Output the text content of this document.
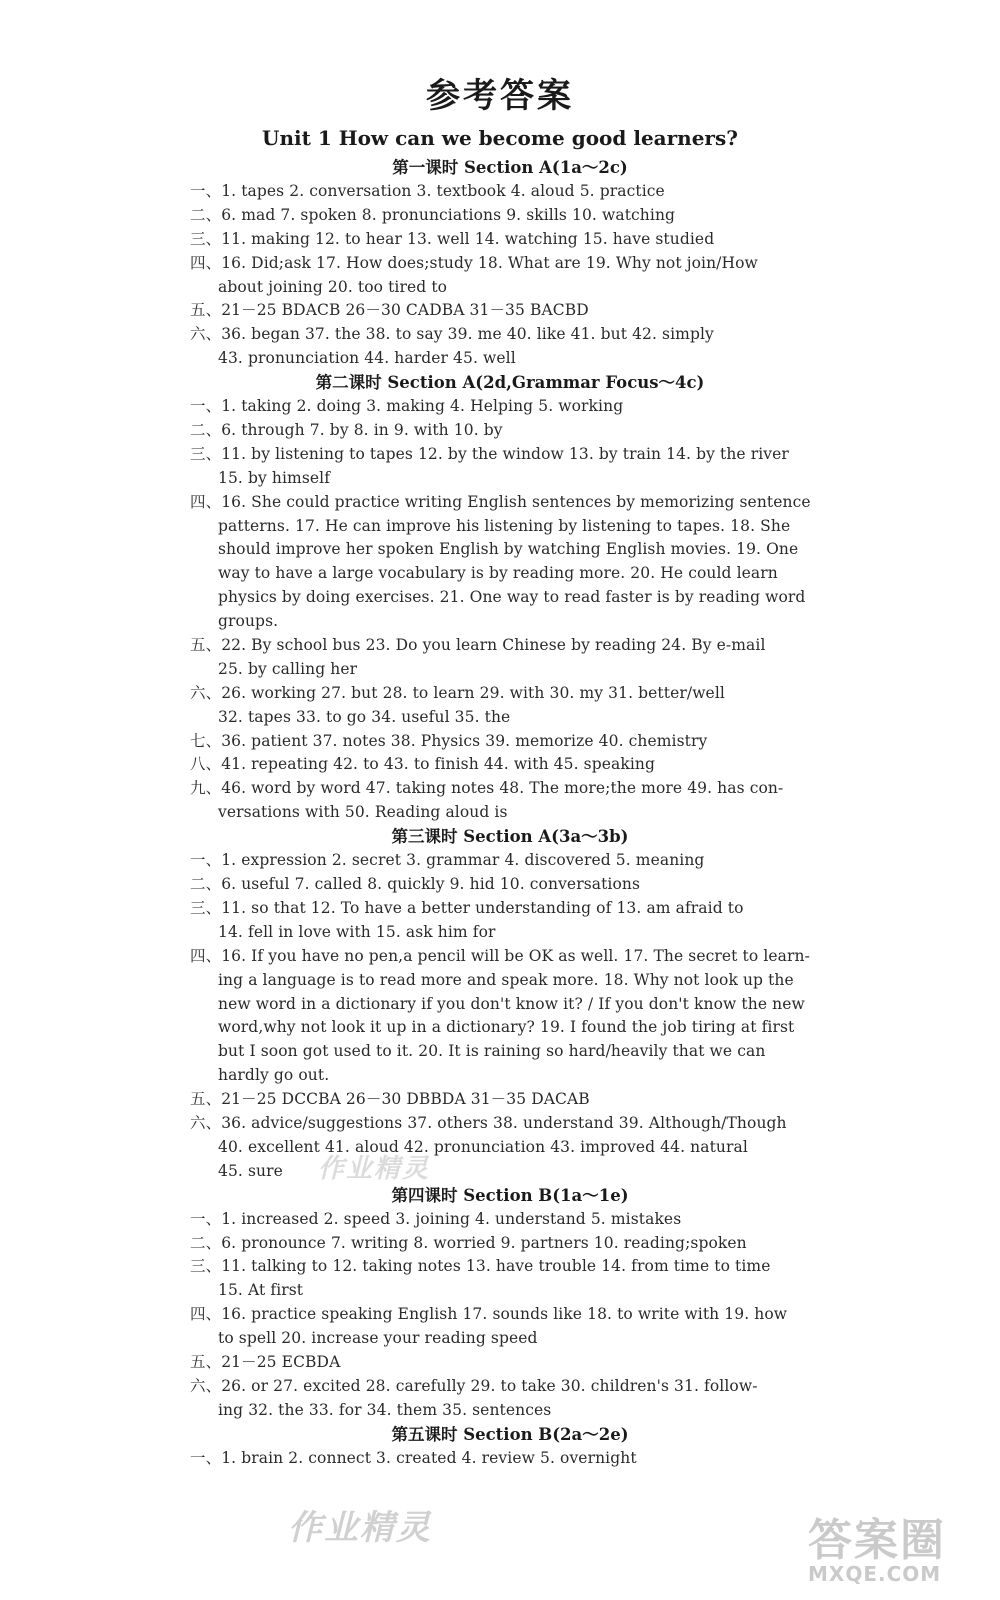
参考答案
Unit 1 How can we become good learners?
第一课时 Section A(1a～2c)
一、1. tapes 2. conversation 3. textbook 4. aloud 5. practice
二、6. mad 7. spoken 8. pronunciations 9. skills 10. watching
三、11. making 12. to hear 13. well 14. watching 15. have studied
四、16. Did;ask 17. How does;study 18. What are 19. Why not join/How
about joining 20. too tired to
五、21－25 BDACB 26－30 CADBA 31－35 BACBD
六、36. began 37. the 38. to say 39. me 40. like 41. but 42. simply
43. pronunciation 44. harder 45. well
第二课时 Section A(2d,Grammar Focus～4c)
一、1. taking 2. doing 3. making 4. Helping 5. working
二、6. through 7. by 8. in 9. with 10. by
三、11. by listening to tapes 12. by the window 13. by train 14. by the river
15. by himself
四、16. She could practice writing English sentences by memorizing sentence
patterns. 17. He can improve his listening by listening to tapes. 18. She
should improve her spoken English by watching English movies. 19. One
way to have a large vocabulary is by reading more. 20. He could learn
physics by doing exercises. 21. One way to read faster is by reading word
groups.
五、22. By school bus 23. Do you learn Chinese by reading 24. By e-mail
25. by calling her
六、26. working 27. but 28. to learn 29. with 30. my 31. better/well
32. tapes 33. to go 34. useful 35. the
七、36. patient 37. notes 38. Physics 39. memorize 40. chemistry
八、41. repeating 42. to 43. to finish 44. with 45. speaking
九、46. word by word 47. taking notes 48. The more;the more 49. has con-
versations with 50. Reading aloud is
第三课时 Section A(3a～3b)
一、1. expression 2. secret 3. grammar 4. discovered 5. meaning
二、6. useful 7. called 8. quickly 9. hid 10. conversations
三、11. so that 12. To have a better understanding of 13. am afraid to
14. fell in love with 15. ask him for
四、16. If you have no pen,a pencil will be OK as well. 17. The secret to learn-
ing a language is to read more and speak more. 18. Why not look up the
new word in a dictionary if you don't know it? / If you don't know the new
word,why not look it up in a dictionary? 19. I found the job tiring at first
but I soon got used to it. 20. It is raining so hard/heavily that we can
hardly go out.
五、21－25 DCCBA 26－30 DBBDA 31－35 DACAB
六、36. advice/suggestions 37. others 38. understand 39. Although/Though
40. excellent 41. aloud 42. pronunciation 43. improved 44. natural
45. sure
第四课时 Section B(1a～1e)
一、1. increased 2. speed 3. joining 4. understand 5. mistakes
二、6. pronounce 7. writing 8. worried 9. partners 10. reading;spoken
三、11. talking to 12. taking notes 13. have trouble 14. from time to time
15. At first
四、16. practice speaking English 17. sounds like 18. to write with 19. how
to spell 20. increase your reading speed
五、21－25 ECBDA
六、26. or 27. excited 28. carefully 29. to take 30. children's 31. follow-
ing 32. the 33. for 34. them 35. sentences
第五课时 Section B(2a～2e)
一、1. brain 2. connect 3. created 4. review 5. overnight
作业精灵
作业精灵	答案圈
MXQE.COM
